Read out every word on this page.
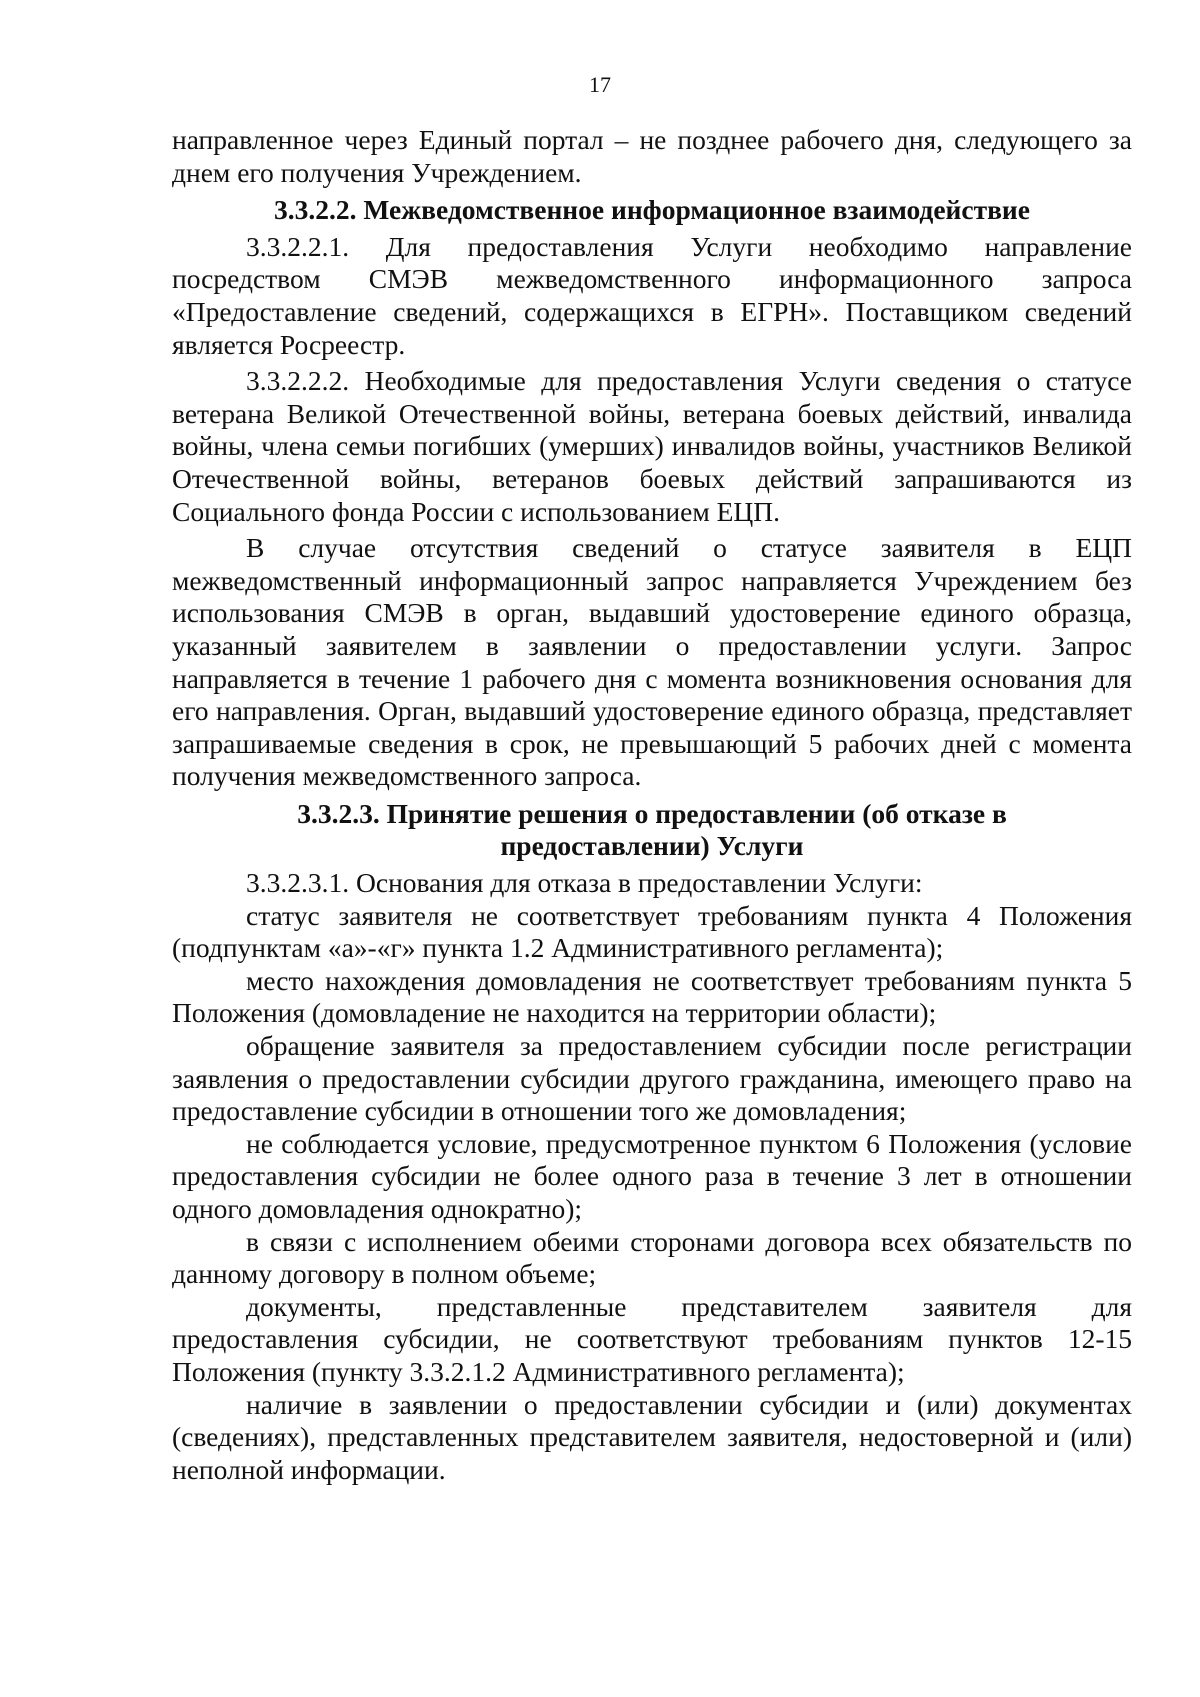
17

направленное через Единый портал – не позднее рабочего дня, следующего за днем его получения Учреждением.

3.3.2.2. Межведомственное информационное взаимодействие

3.3.2.2.1. Для предоставления Услуги необходимо направление посредством СМЭВ межведомственного информационного запроса «Предоставление сведений, содержащихся в ЕГРН». Поставщиком сведений является Росреестр.

3.3.2.2.2. Необходимые для предоставления Услуги сведения о статусе ветерана Великой Отечественной войны, ветерана боевых действий, инвалида войны, члена семьи погибших (умерших) инвалидов войны, участников Великой Отечественной войны, ветеранов боевых действий запрашиваются из Социального фонда России с использованием ЕЦП.

В случае отсутствия сведений о статусе заявителя в ЕЦП межведомственный информационный запрос направляется Учреждением без использования СМЭВ в орган, выдавший удостоверение единого образца, указанный заявителем в заявлении о предоставлении услуги. Запрос направляется в течение 1 рабочего дня с момента возникновения основания для его направления. Орган, выдавший удостоверение единого образца, представляет запрашиваемые сведения в срок, не превышающий 5 рабочих дней с момента получения межведомственного запроса.

3.3.2.3. Принятие решения о предоставлении (об отказе в
предоставлении) Услуги

3.3.2.3.1. Основания для отказа в предоставлении Услуги:

статус заявителя не соответствует требованиям пункта 4 Положения (подпунктам «а»-«г» пункта 1.2 Административного регламента);

место нахождения домовладения не соответствует требованиям пункта 5 Положения (домовладение не находится на территории области);

обращение заявителя за предоставлением субсидии после регистрации заявления о предоставлении субсидии другого гражданина, имеющего право на предоставление субсидии в отношении того же домовладения;

не соблюдается условие, предусмотренное пунктом 6 Положения (условие предоставления субсидии не более одного раза в течение 3 лет в отношении одного домовладения однократно);

в связи с исполнением обеими сторонами договора всех обязательств по данному договору в полном объеме;

документы, представленные представителем заявителя для предоставления субсидии, не соответствуют требованиям пунктов 12-15 Положения (пункту 3.3.2.1.2 Административного регламента);

наличие в заявлении о предоставлении субсидии и (или) документах (сведениях), представленных представителем заявителя, недостоверной и (или) неполной информации.
